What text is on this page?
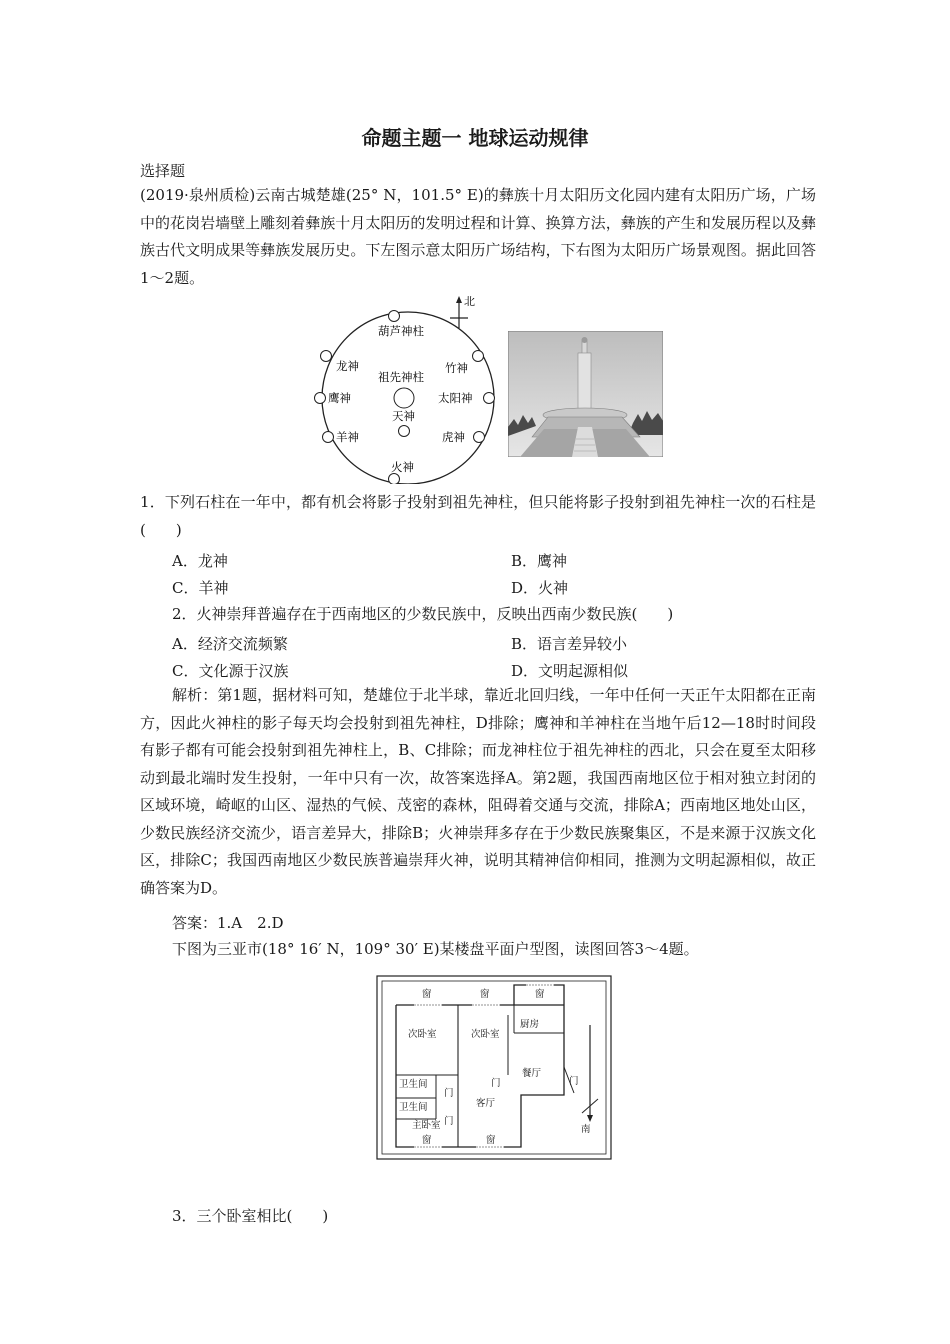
命题主题一 地球运动规律
选择题
(2019·泉州质检)云南古城楚雄(25° N，101.5° E)的彝族十月太阳历文化园内建有太阳历广场，广场中的花岗岩墙壁上雕刻着彝族十月太阳历的发明过程和计算、换算方法，彝族的产生和发展历程以及彝族古代文明成果等彝族发展历史。下左图示意太阳历广场结构，下右图为太阳历广场景观图。据此回答1～2题。
北
葫芦神柱
祖先神柱
天神
龙神
鹰神
羊神
竹神
太阳神
虎神
火神
1．下列石柱在一年中，都有机会将影子投射到祖先神柱，但只能将影子投射到祖先神柱一次的石柱是(　　)
A．龙神	B．鹰神
C．羊神	D．火神
2．火神崇拜普遍存在于西南地区的少数民族中，反映出西南少数民族(　　)
A．经济交流频繁	B．语言差异较小
C．文化源于汉族	D．文明起源相似
解析：第1题，据材料可知，楚雄位于北半球，靠近北回归线，一年中任何一天正午太阳都在正南方，因此火神柱的影子每天均会投射到祖先神柱，D排除；鹰神和羊神柱在当地午后12—18时时间段有影子都有可能会投射到祖先神柱上，B、C排除；而龙神柱位于祖先神柱的西北，只会在夏至太阳移动到最北端时发生投射，一年中只有一次，故答案选择A。第2题，我国西南地区位于相对独立封闭的区域环境，崎岖的山区、湿热的气候、茂密的森林，阻碍着交通与交流，排除A；西南地区地处山区，少数民族经济交流少，语言差异大，排除B；火神崇拜多存在于少数民族聚集区，不是来源于汉族文化区，排除C；我国西南地区少数民族普遍崇拜火神，说明其精神信仰相同，推测为文明起源相似，故正确答案为D。
答案：1.A　2.D
下图为三亚市(18° 16′ N，109° 30′ E)某楼盘平面户型图，读图回答3～4题。
窗	窗	窗
窗	窗
次卧室	次卧室
厨房
餐厅
门
门
门
门
卫生间
卫生间	客厅
主卧室	南
3．三个卧室相比(　　)
